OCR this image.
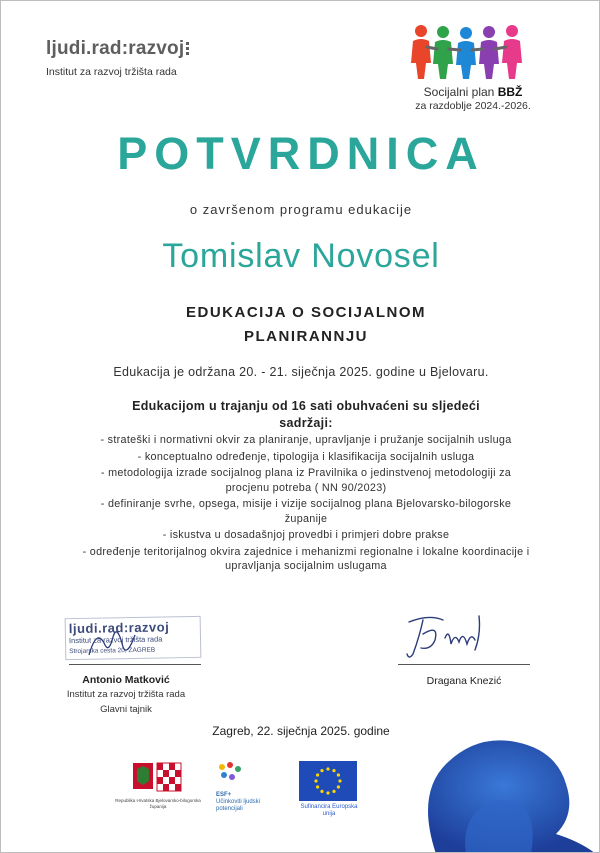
ljudi.rad:razvoj
Institut za razvoj tržišta rada
Socijalni plan BBŽ
za razdoblje 2024.-2026.
POTVRDNICA
o završenom programu edukacije
Tomislav Novosel
EDUKACIJA O SOCIJALNOM
PLANIRANNJU
Edukacija je održana 20. - 21. siječnja 2025. godine u Bjelovaru.
Edukacijom u trajanju od 16 sati obuhvaćeni su sljedeći sadržaji:
- strateški i normativni okvir za planiranje, upravljanje i pružanje socijalnih usluga
- konceptualno određenje, tipologija i klasifikacija socijalnih usluga
- metodologija izrade socijalnog plana iz Pravilnika o jedinstvenoj metodologiji za procjenu potreba ( NN 90/2023)
- definiranje svrhe, opsega, misije i vizije socijalnog plana Bjelovarsko-bilogorske županije
- iskustva u dosadašnjoj provedbi i primjeri dobre prakse
- određenje teritorijalnog okvira zajednice i mehanizmi regionalne i lokalne koordinacije i upravljanja socijalnim uslugama
ljudi.rad:razvoj
Institut za razvoj tržišta rada
Strojarska cesta 20, ZAGREB
Antonio Matković
Institut za razvoj tržišta rada
Glavni tajnik
Dragana Knezić
Zagreb, 22. siječnja 2025. godine
Republika Hrvatska Bjelovarsko-bilogorska županija
ESF+
Učinkoviti ljudski potencijali	Sufinancira Europska unija
